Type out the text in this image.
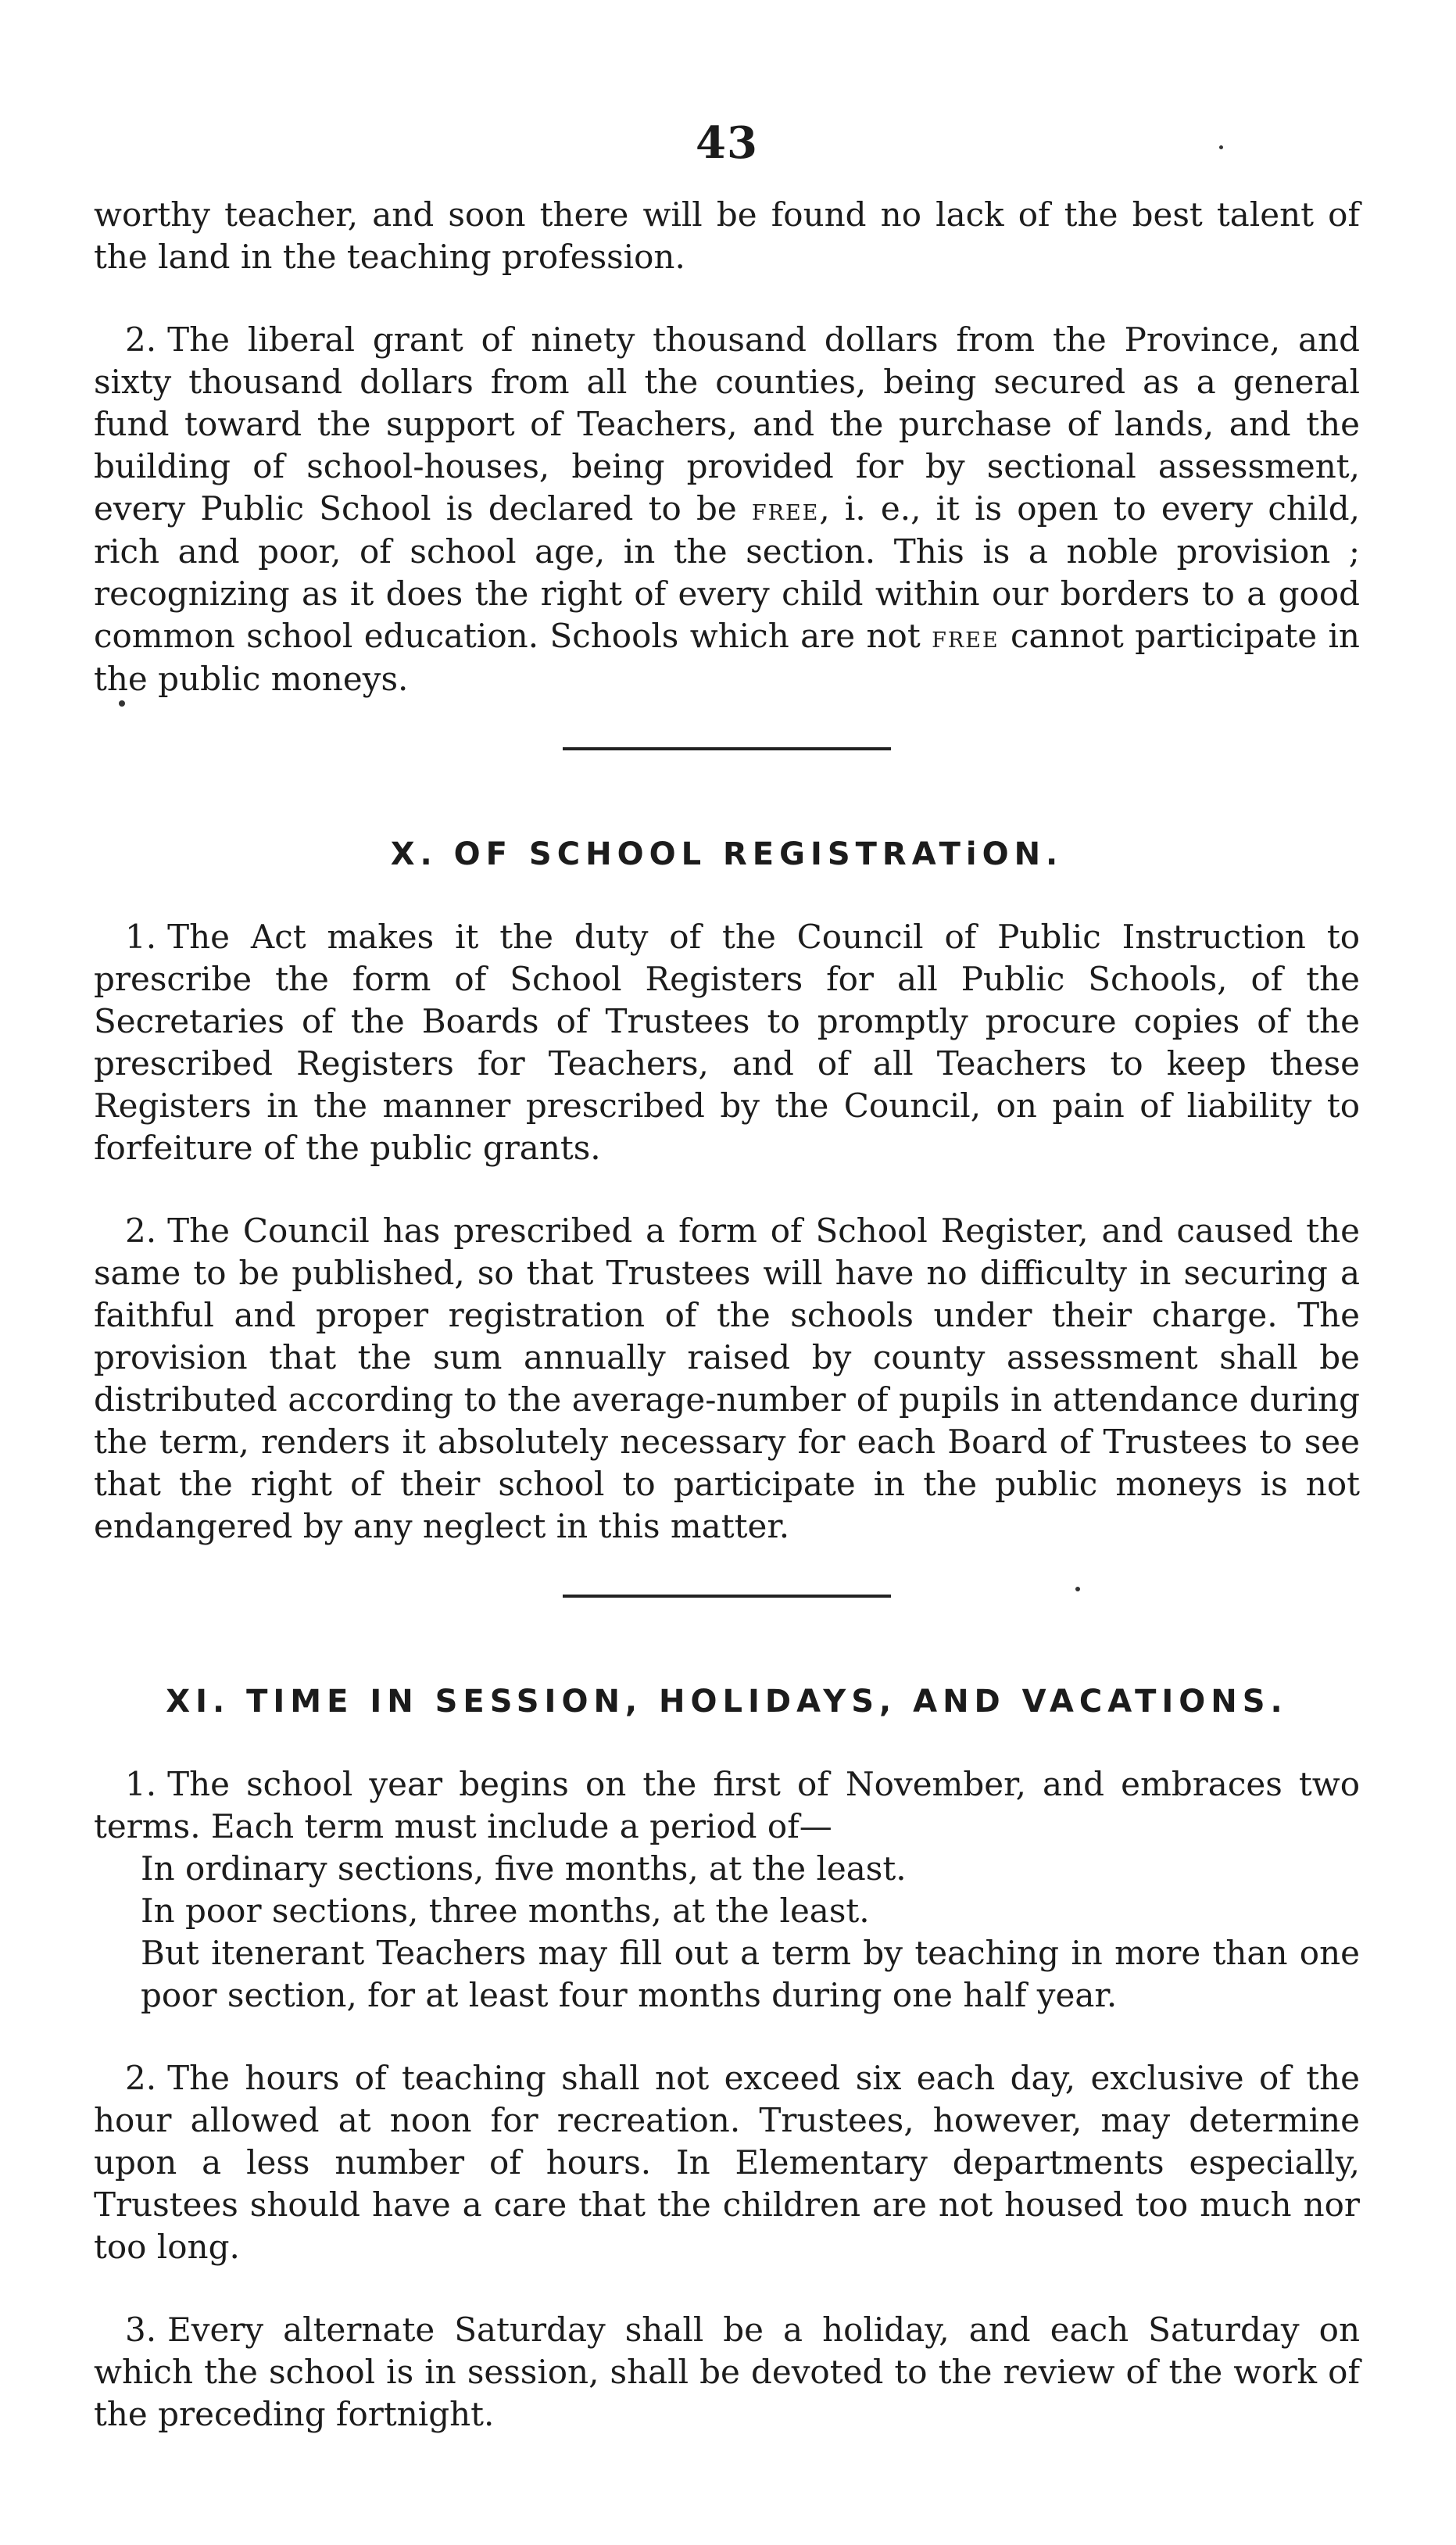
43

worthy teacher, and soon there will be found no lack of the best talent of the land in the teaching profession.

2. The liberal grant of ninety thousand dollars from the Province, and sixty thousand dollars from all the counties, being secured as a general fund toward the support of Teachers, and the purchase of lands, and the building of school-houses, being provided for by sectional assessment, every Public School is declared to be free, i. e., it is open to every child, rich and poor, of school age, in the section. This is a noble provision ; recognizing as it does the right of every child within our borders to a good common school education. Schools which are not free cannot participate in the public moneys.

X. OF SCHOOL REGISTRATiON.

1. The Act makes it the duty of the Council of Public Instruction to prescribe the form of School Registers for all Public Schools, of the Secretaries of the Boards of Trustees to promptly procure copies of the prescribed Registers for Teachers, and of all Teachers to keep these Registers in the manner prescribed by the Council, on pain of liability to forfeiture of the public grants.

2. The Council has prescribed a form of School Register, and caused the same to be published, so that Trustees will have no difficulty in securing a faithful and proper registration of the schools under their charge. The provision that the sum annually raised by county assessment shall be distributed according to the average-number of pupils in attendance during the term, renders it absolutely necessary for each Board of Trustees to see that the right of their school to participate in the public moneys is not endangered by any neglect in this matter.

XI. TIME IN SESSION, HOLIDAYS, AND VACATIONS.
1. The school year begins on the first of November, and embraces two terms. Each term must include a period of—
In ordinary sections, five months, at the least.
In poor sections, three months, at the least.
But itenerant Teachers may fill out a term by teaching in more than one poor section, for at least four months during one half year.

2. The hours of teaching shall not exceed six each day, exclusive of the hour allowed at noon for recreation. Trustees, however, may determine upon a less number of hours. In Elementary departments especially, Trustees should have a care that the children are not housed too much nor too long.

3. Every alternate Saturday shall be a holiday, and each Saturday on which the school is in session, shall be devoted to the review of the work of the preceding fortnight.
